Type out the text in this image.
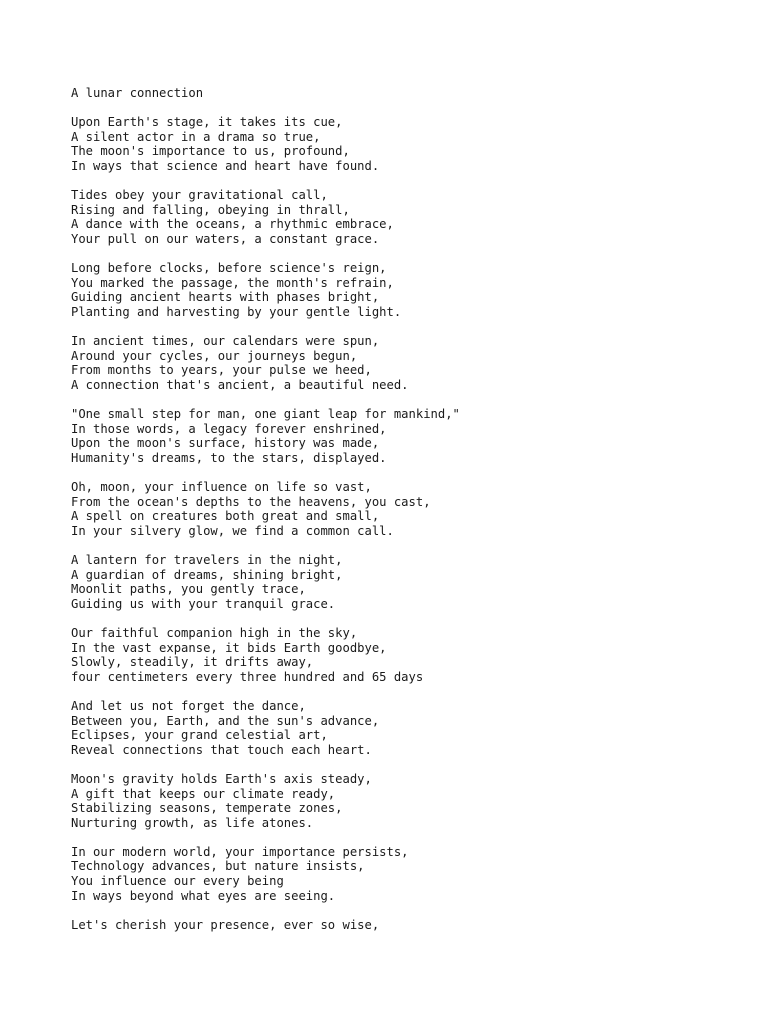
A lunar connection
Upon Earth's stage, it takes its cue,
A silent actor in a drama so true,
The moon's importance to us, profound,
In ways that science and heart have found.
Tides obey your gravitational call,
Rising and falling, obeying in thrall,
A dance with the oceans, a rhythmic embrace,
Your pull on our waters, a constant grace.
Long before clocks, before science's reign,
You marked the passage, the month's refrain,
Guiding ancient hearts with phases bright,
Planting and harvesting by your gentle light.
In ancient times, our calendars were spun,
Around your cycles, our journeys begun,
From months to years, your pulse we heed,
A connection that's ancient, a beautiful need.
"One small step for man, one giant leap for mankind,"
In those words, a legacy forever enshrined,
Upon the moon's surface, history was made,
Humanity's dreams, to the stars, displayed.
Oh, moon, your influence on life so vast,
From the ocean's depths to the heavens, you cast,
A spell on creatures both great and small,
In your silvery glow, we find a common call.
A lantern for travelers in the night,
A guardian of dreams, shining bright,
Moonlit paths, you gently trace,
Guiding us with your tranquil grace.
Our faithful companion high in the sky,
In the vast expanse, it bids Earth goodbye,
Slowly, steadily, it drifts away,
four centimeters every three hundred and 65 days
And let us not forget the dance,
Between you, Earth, and the sun's advance,
Eclipses, your grand celestial art,
Reveal connections that touch each heart.
Moon's gravity holds Earth's axis steady,
A gift that keeps our climate ready,
Stabilizing seasons, temperate zones,
Nurturing growth, as life atones.
In our modern world, your importance persists,
Technology advances, but nature insists,
You influence our every being
In ways beyond what eyes are seeing.
Let's cherish your presence, ever so wise,
